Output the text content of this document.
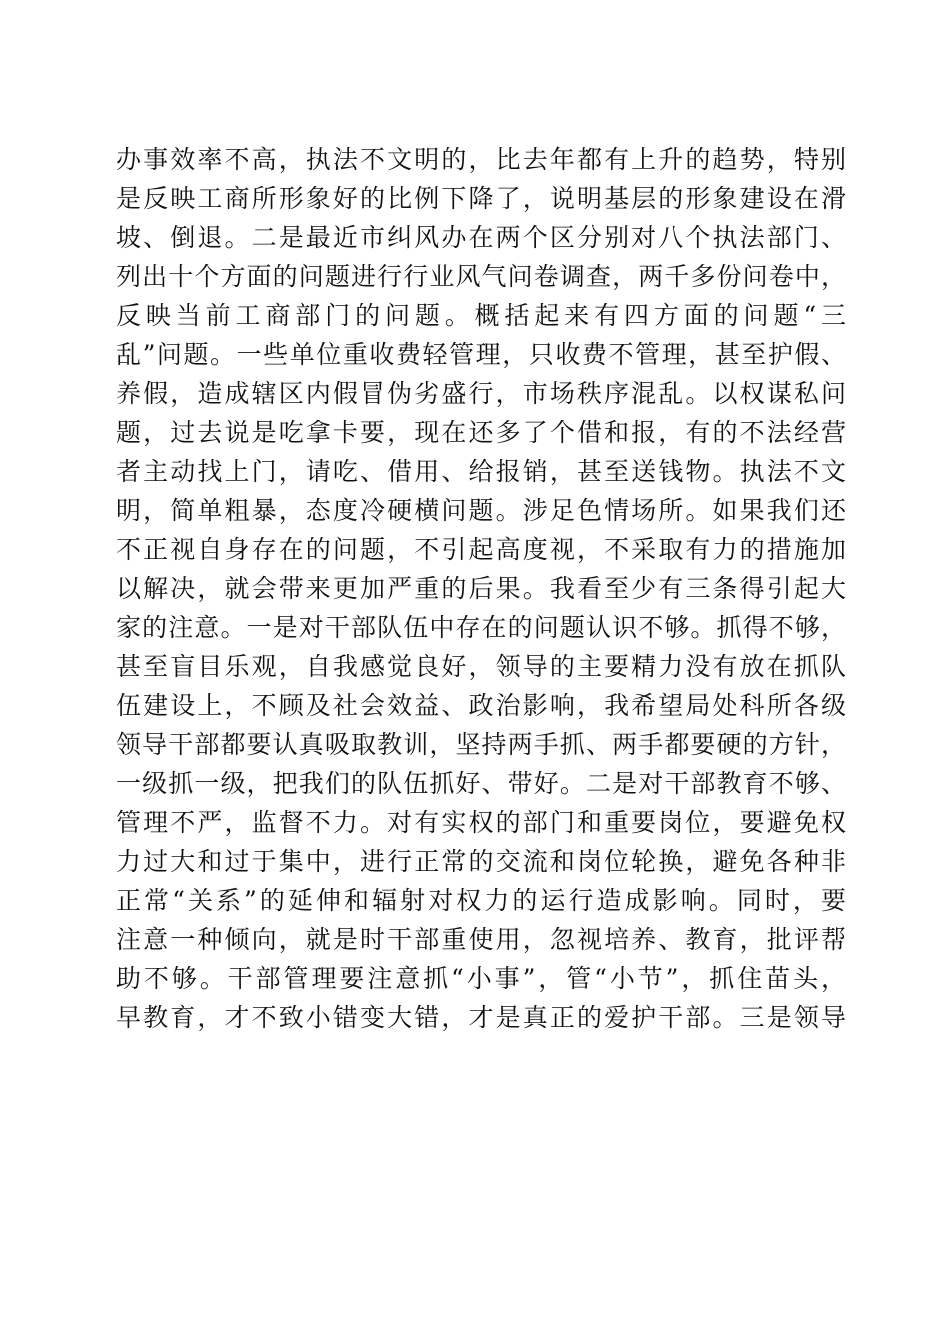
办事效率不高，执法不文明的，比去年都有上升的趋势，特别
是反映工商所形象好的比例下降了，说明基层的形象建设在滑
坡、倒退。二是最近市纠风办在两个区分别对八个执法部门、
列出十个方面的问题进行行业风气问卷调查，两千多份问卷中，
反映当前工商部门的问题。概括起来有四方面的问题“三
乱”问题。一些单位重收费轻管理，只收费不管理，甚至护假、
养假，造成辖区内假冒伪劣盛行，市场秩序混乱。以权谋私问
题，过去说是吃拿卡要，现在还多了个借和报，有的不法经营
者主动找上门，请吃、借用、给报销，甚至送钱物。执法不文
明，简单粗暴，态度冷硬横问题。涉足色情场所。如果我们还
不正视自身存在的问题，不引起高度视，不采取有力的措施加
以解决，就会带来更加严重的后果。我看至少有三条得引起大
家的注意。一是对干部队伍中存在的问题认识不够。抓得不够，
甚至盲目乐观，自我感觉良好，领导的主要精力没有放在抓队
伍建设上，不顾及社会效益、政治影响，我希望局处科所各级
领导干部都要认真吸取教训，坚持两手抓、两手都要硬的方针，
一级抓一级，把我们的队伍抓好、带好。二是对干部教育不够、
管理不严，监督不力。对有实权的部门和重要岗位，要避免权
力过大和过于集中，进行正常的交流和岗位轮换，避免各种非
正常“关系”的延伸和辐射对权力的运行造成影响。同时，要
注意一种倾向，就是时干部重使用，忽视培养、教育，批评帮
助不够。干部管理要注意抓“小事”，管“小节”，抓住苗头，
早教育，才不致小错变大错，才是真正的爱护干部。三是领导
